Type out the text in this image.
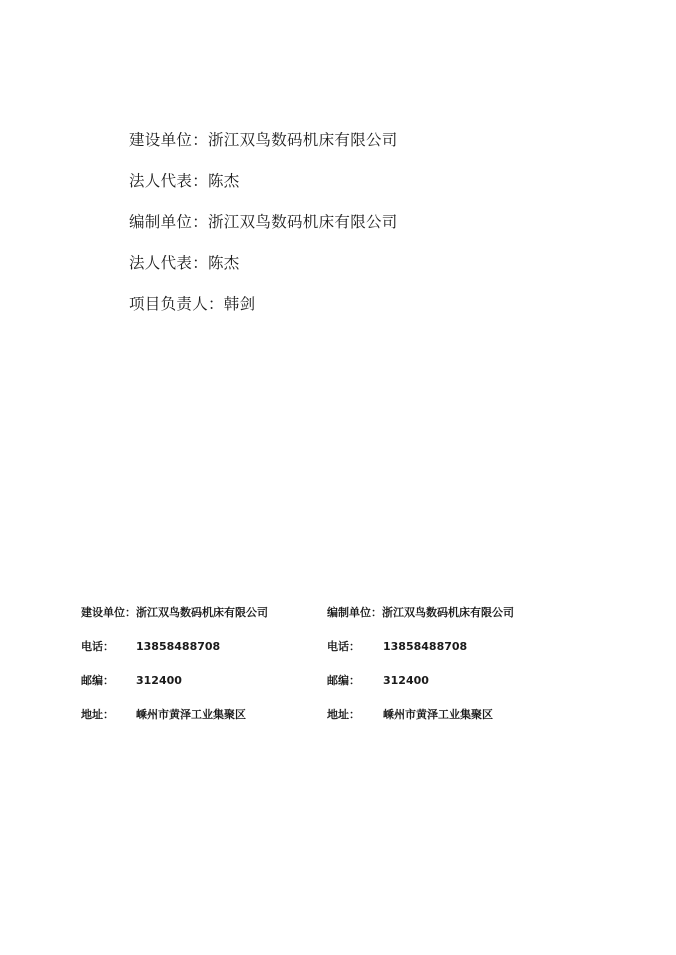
建设单位：浙江双鸟数码机床有限公司
法人代表：陈杰
编制单位：浙江双鸟数码机床有限公司
法人代表：陈杰
项目负责人：韩剑
建设单位：浙江双鸟数码机床有限公司	编制单位：浙江双鸟数码机床有限公司
电话： 13858488708	电话： 13858488708
邮编： 312400	邮编： 312400
地址： 嵊州市黄泽工业集聚区	地址： 嵊州市黄泽工业集聚区
